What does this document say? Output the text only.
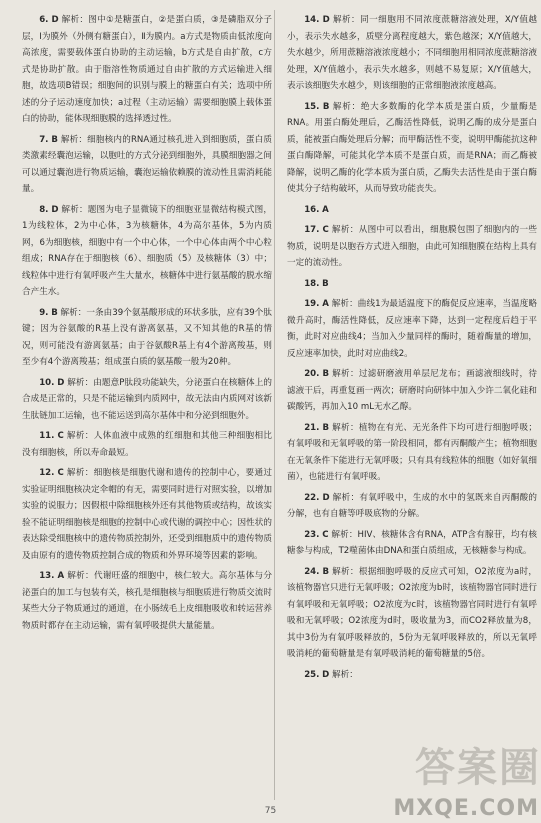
6. D 解析：图中①是糖蛋白，②是蛋白质，③是磷脂双分子层，I为膜外（外侧有糖蛋白），Ⅱ为膜内。a方式是物质由低浓度向高浓度，需要载体蛋白协助的主动运输，b方式是自由扩散，c方式是协助扩散。由于脂溶性物质通过自由扩散的方式运输进入细胞，故选项B错误；细胞间的识别与膜上的糖蛋白有关；选项中所述的分子运动速度加快；a过程（主动运输）需要细胞膜上载体蛋白的协助，能体现细胞膜的选择透过性。

7. B 解析：细胞核内的RNA通过核孔进入到细胞质，蛋白质类激素经囊泡运输，以胞吐的方式分泌到细胞外，具膜细胞器之间可以通过囊泡进行物质运输，囊泡运输依赖膜的流动性且需消耗能量。

8. D 解析：题图为电子显微镜下的细胞亚显微结构模式图，1为线粒体，2为中心体，3为核糖体，4为高尔基体，5为内质网，6为细胞核，细胞中有一个中心体，一个中心体由两个中心粒组成；RNA存在于细胞核（6）、细胞质（5）及核糖体（3）中；线粒体中进行有氧呼吸产生大量水，核糖体中进行氨基酸的脱水缩合产生水。

9. B 解析：一条由39个氨基酸形成的环状多肽，应有39个肽键；因为谷氨酸的R基上没有游离氨基，又不知其他的R基的情况，则可能没有游离氨基；由于谷氨酸R基上有4个游离羧基，则至少有4个游离羧基；组成蛋白质的氨基酸一般为20种。

10. D 解析：由题意P肽段功能缺失，分泌蛋白在核糖体上的合成是正常的，只是不能运输到内质网中，故无法由内质网对该新生肽链加工运输，也不能运送到高尔基体中和分泌到细胞外。

11. C 解析：人体血液中成熟的红细胞和其他三种细胞相比没有细胞核，所以寿命最短。

12. C 解析：细胞核是细胞代谢和遗传的控制中心，要通过实验证明细胞核决定伞帽的有无，需要同时进行对照实验，以增加实验的说服力；因假根中除细胞核外还有其他物质或结构，故该实验不能证明细胞核是细胞的控制中心或代谢的调控中心；因性状的表达除受细胞核中的遗传物质控制外，还受到细胞质中的遗传物质及由原有的遗传物质控制合成的物质和外界环境等因素的影响。

13. A 解析：代谢旺盛的细胞中，核仁较大。高尔基体与分泌蛋白的加工与包装有关，核孔是细胞核与细胞质进行物质交流时某些大分子物质通过的通道，在小肠绒毛上皮细胞吸收和转运营养物质时都存在主动运输，需有氧呼吸提供大量能量。

14. D 解析：同一细胞用不同浓度蔗糖溶液处理，X/Y值越小，表示失水越多，质壁分离程度越大，紫色越深；X/Y值越大，失水越少，所用蔗糖溶液浓度越小；不同细胞用相同浓度蔗糖溶液处理，X/Y值越小，表示失水越多，则越不易复原；X/Y值越大，表示该细胞失水越少，则该细胞的正常细胞液浓度越高。

15. B 解析：绝大多数酶的化学本质是蛋白质，少量酶是RNA。用蛋白酶处理后，乙酶活性降低，说明乙酶的成分是蛋白质，能被蛋白酶处理后分解；而甲酶活性不变，说明甲酶能抗这种蛋白酶降解，可能其化学本质不是蛋白质，而是RNA；而乙酶被降解，说明乙酶的化学本质为蛋白质，乙酶失去活性是由于蛋白酶使其分子结构破坏，从而导致功能丧失。

16. A

17. C 解析：从图中可以看出，细胞膜包围了细胞内的一些物质，说明是以胞吞方式进入细胞，由此可知细胞膜在结构上具有一定的流动性。

18. B

19. A 解析：曲线1为最适温度下的酶促反应速率，当温度略微升高时，酶活性降低，反应速率下降，达到一定程度后趋于平衡，此时对应曲线4；当加入少量同样的酶时，随着酶量的增加，反应速率加快，此时对应曲线2。

20. B 解析：过滤研磨液用单层尼龙布；画滤液细线时，待滤液干后，再重复画一两次；研磨时向研钵中加入少许二氧化硅和碳酸钙，再加入10 mL无水乙醇。

21. B 解析：植物在有光、无光条件下均可进行细胞呼吸；有氧呼吸和无氧呼吸的第一阶段相同，都有丙酮酸产生；植物细胞在无氧条件下能进行无氧呼吸；只有具有线粒体的细胞（如好氧细菌），也能进行有氧呼吸。

22. D 解析：有氧呼吸中，生成的水中的氢既来自丙酮酸的分解，也有自糖等呼吸底物的分解。

23. C 解析：HIV、核糖体含有RNA，ATP含有腺苷，均有核糖参与构成，T2噬菌体由DNA和蛋白质组成，无核糖参与构成。

24. B 解析：根据细胞呼吸的反应式可知，O2浓度为a时，该植物器官只进行无氧呼吸；O2浓度为b时，该植物器官同时进行有氧呼吸和无氧呼吸；O2浓度为c时，该植物器官同时进行有氧呼吸和无氧呼吸；O2浓度为d时，吸收量为3，而CO2释放量为8，其中3份为有氧呼吸释放的，5份为无氧呼吸释放的，所以无氧呼吸消耗的葡萄糖量是有氧呼吸消耗的葡萄糖量的5倍。

25. D 解析：

75
答案圈
MXQE.COM
